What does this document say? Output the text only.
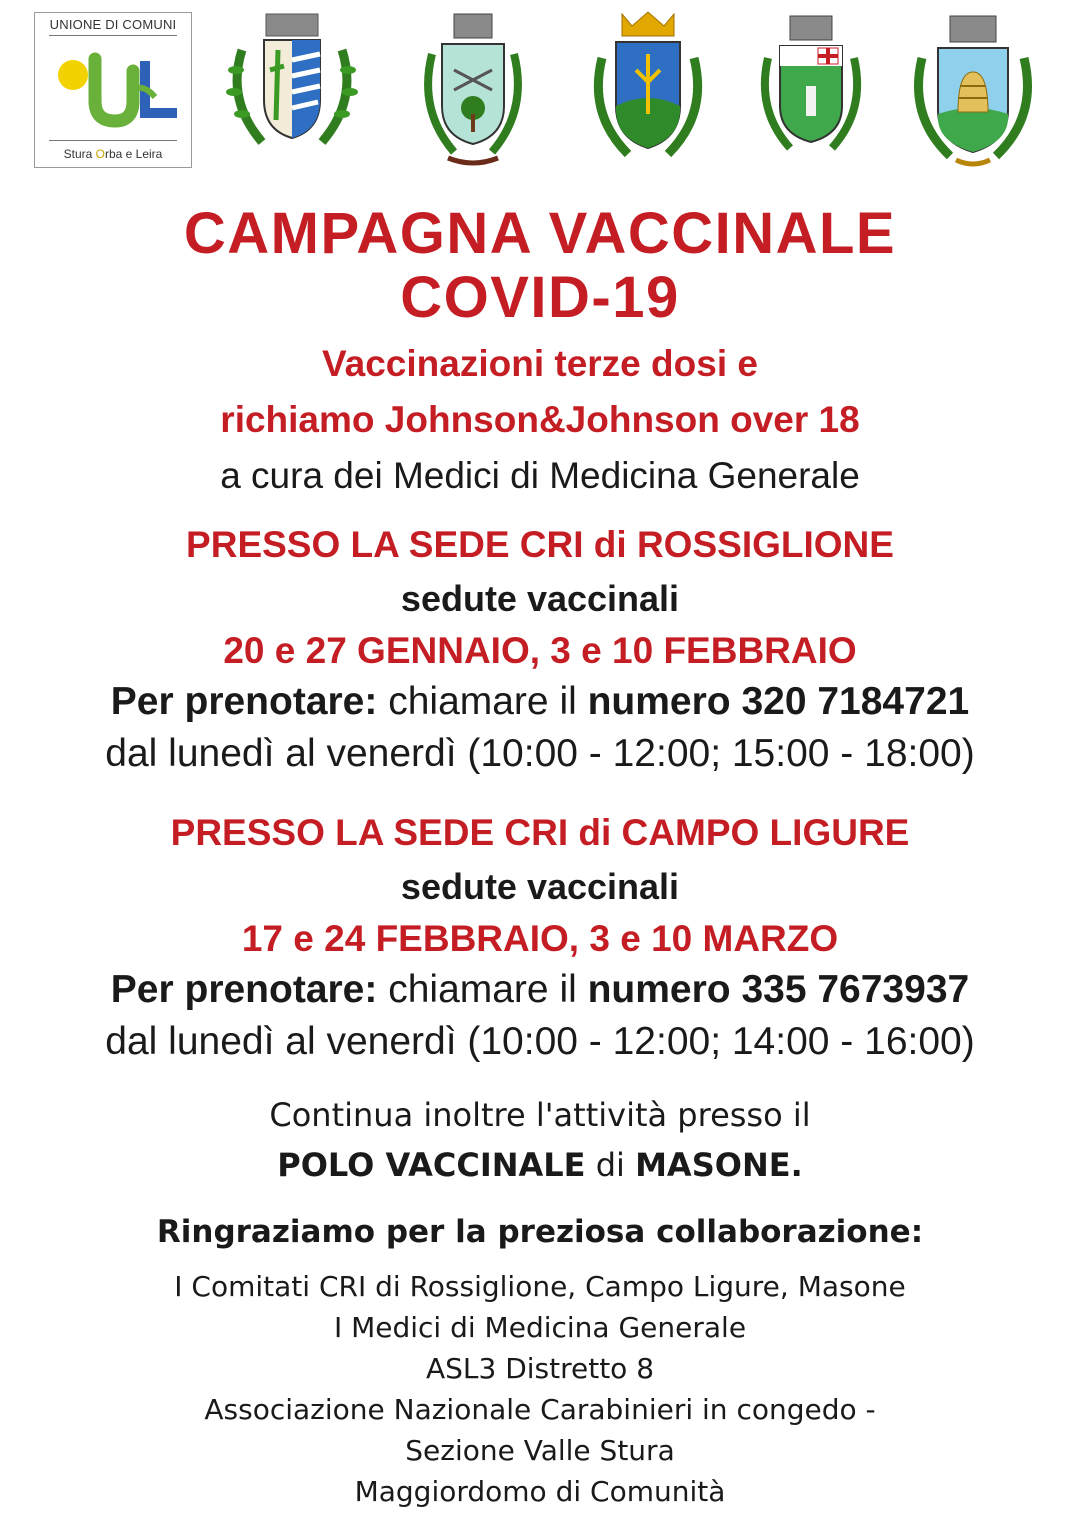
UNIONE DI COMUNI
Stura Orba e Leira
CAMPAGNA VACCINALE
COVID-19
Vaccinazioni terze dosi e
richiamo Johnson&Johnson over 18
a cura dei Medici di Medicina Generale
PRESSO LA SEDE CRI di ROSSIGLIONE
sedute vaccinali
20 e 27 GENNAIO, 3 e 10 FEBBRAIO
Per prenotare: chiamare il numero 320 7184721
dal lunedì al venerdì (10:00 - 12:00; 15:00 - 18:00)
PRESSO LA SEDE CRI di CAMPO LIGURE
sedute vaccinali
17 e 24 FEBBRAIO, 3 e 10 MARZO
Per prenotare: chiamare il numero 335 7673937
dal lunedì al venerdì (10:00 - 12:00; 14:00 - 16:00)
Continua inoltre l'attività presso il
POLO VACCINALE di MASONE.
Ringraziamo per la preziosa collaborazione:
I Comitati CRI di Rossiglione, Campo Ligure, Masone
I Medici di Medicina Generale
ASL3 Distretto 8
Associazione Nazionale Carabinieri in congedo -
Sezione Valle Stura
Maggiordomo di Comunità
